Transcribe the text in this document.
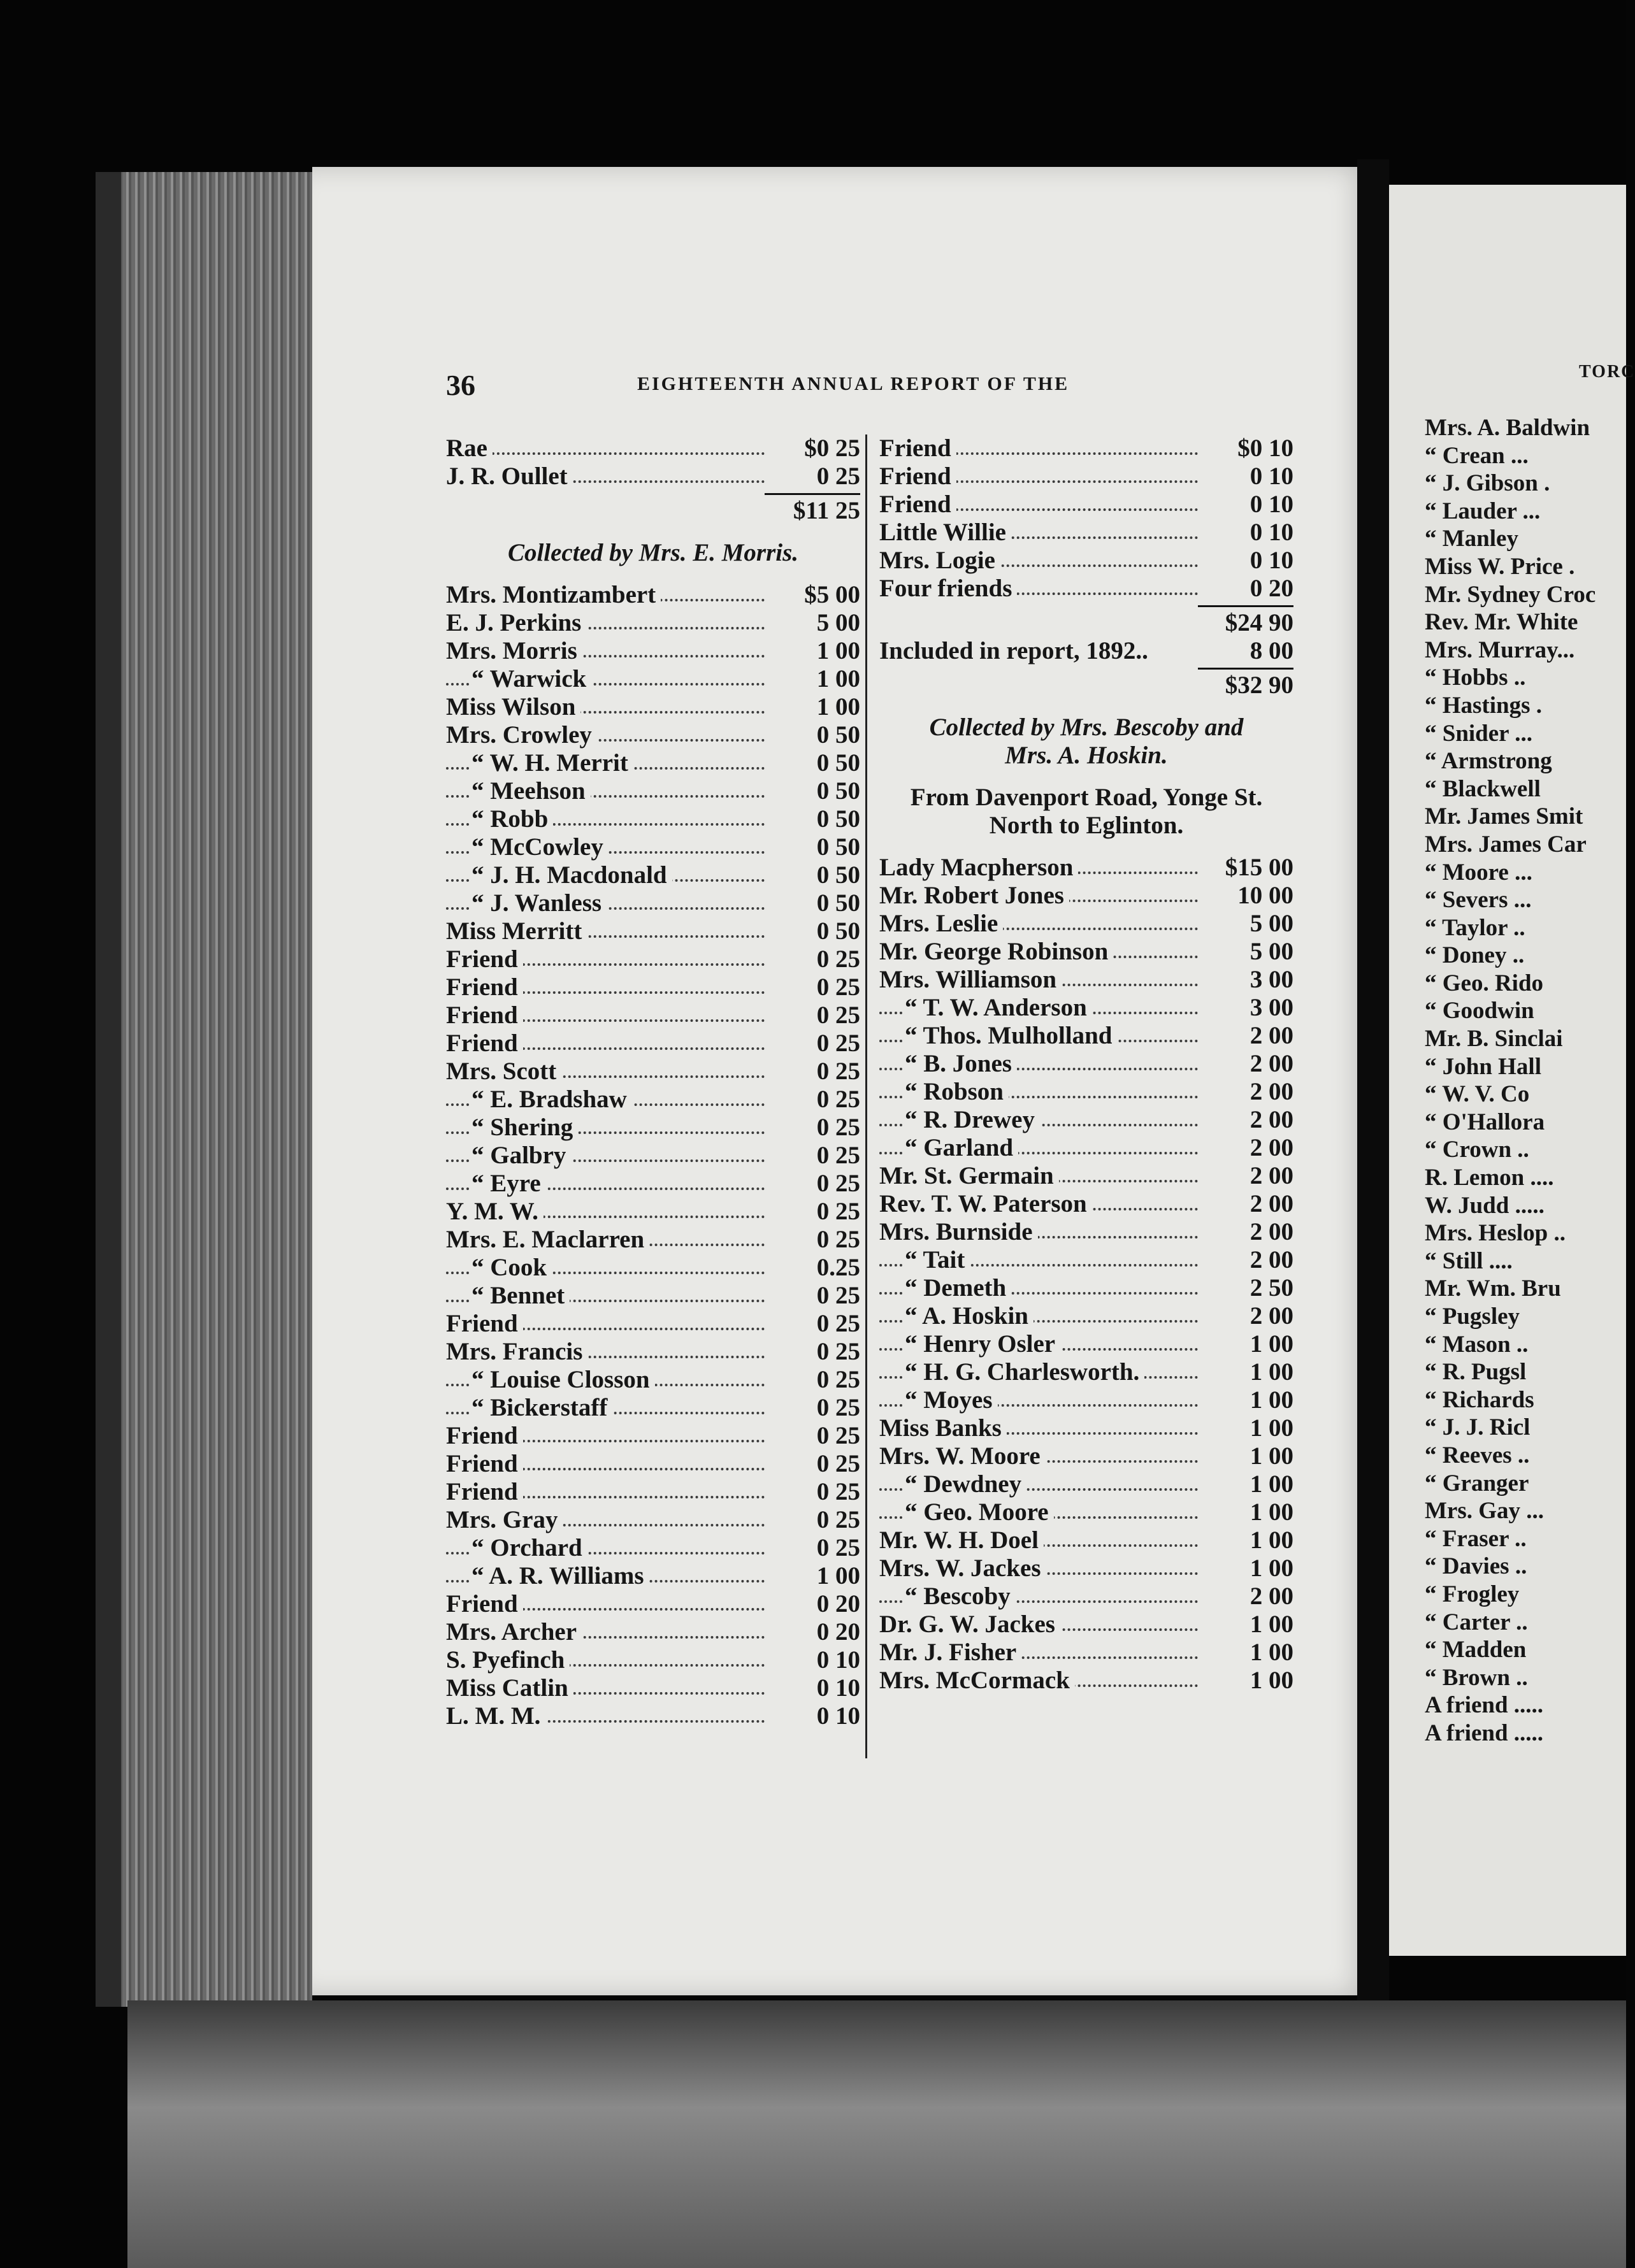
36	EIGHTEENTH ANNUAL REPORT OF THE
Rae	$0 25
J. R. Oullet	0 25
$11 25
Collected by Mrs. E. Morris.
Mrs. Montizambert	$5 00
E. J. Perkins	5 00
Mrs. Morris	1 00
“ Warwick	1 00
Miss Wilson	1 00
Mrs. Crowley	0 50
“ W. H. Merrit	0 50
“ Meehson	0 50
“ Robb	0 50
“ McCowley	0 50
“ J. H. Macdonald	0 50
“ J. Wanless	0 50
Miss Merritt	0 50
Friend	0 25
Friend	0 25
Friend	0 25
Friend	0 25
Mrs. Scott	0 25
“ E. Bradshaw	0 25
“ Shering	0 25
“ Galbry	0 25
“ Eyre	0 25
Y. M. W.	0 25
Mrs. E. Maclarren	0 25
“ Cook	0.25
“ Bennet	0 25
Friend	0 25
Mrs. Francis	0 25
“ Louise Closson	0 25
“ Bickerstaff	0 25
Friend	0 25
Friend	0 25
Friend	0 25
Mrs. Gray	0 25
“ Orchard	0 25
“ A. R. Williams	1 00
Friend	0 20
Mrs. Archer	0 20
S. Pyefinch	0 10
Miss Catlin	0 10
L. M. M.	0 10
Friend	$0 10
Friend	0 10
Friend	0 10
Little Willie	0 10
Mrs. Logie	0 10
Four friends	0 20
$24 90
Included in report, 1892..	8 00
$32 90
Collected by Mrs. Bescoby and
Mrs. A. Hoskin.
From Davenport Road, Yonge St.
North to Eglinton.
Lady Macpherson	$15 00
Mr. Robert Jones	10 00
Mrs. Leslie	5 00
Mr. George Robinson	5 00
Mrs. Williamson	3 00
“ T. W. Anderson	3 00
“ Thos. Mulholland	2 00
“ B. Jones	2 00
“ Robson	2 00
“ R. Drewey	2 00
“ Garland	2 00
Mr. St. Germain	2 00
Rev. T. W. Paterson	2 00
Mrs. Burnside	2 00
“ Tait	2 00
“ Demeth	2 50
“ A. Hoskin	2 00
“ Henry Osler	1 00
“ H. G. Charlesworth.	1 00
“ Moyes	1 00
Miss Banks	1 00
Mrs. W. Moore	1 00
“ Dewdney	1 00
“ Geo. Moore	1 00
Mr. W. H. Doel	1 00
Mrs. W. Jackes	1 00
“ Bescoby	2 00
Dr. G. W. Jackes	1 00
Mr. J. Fisher	1 00
Mrs. McCormack	1 00
TORC
Mrs. A. Baldwin
“ Crean ...
“ J. Gibson .
“ Lauder ...
“ Manley
Miss W. Price .
Mr. Sydney Croc
Rev. Mr. White
Mrs. Murray...
“ Hobbs ..
“ Hastings .
“ Snider ...
“ Armstrong
“ Blackwell
Mr. James Smit
Mrs. James Car
“ Moore ...
“ Severs ...
“ Taylor ..
“ Doney ..
“ Geo. Rido
“ Goodwin
Mr. B. Sinclai
“ John Hall
“ W. V. Co
“ O'Hallora
“ Crown ..
R. Lemon ....
W. Judd .....
Mrs. Heslop ..
“ Still ....
Mr. Wm. Bru
“ Pugsley
“ Mason ..
“ R. Pugsl
“ Richards
“ J. J. Ricl
“ Reeves ..
“ Granger
Mrs. Gay ...
“ Fraser ..
“ Davies ..
“ Frogley
“ Carter ..
“ Madden
“ Brown ..
A friend .....
A friend .....
